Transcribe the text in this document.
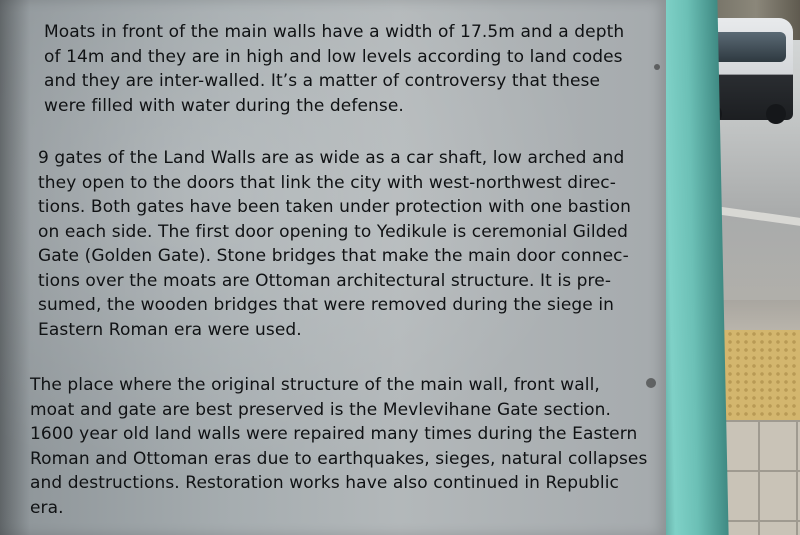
Moats in front of the main walls have a width of 17.5m and a depth
of 14m and they are in high and low levels according to land codes
and they are inter-walled. It’s a matter of controversy that these
were filled with water during the defense.

9 gates of the Land Walls are as wide as a car shaft, low arched and
they open to the doors that link the city with west-northwest direc-
tions. Both gates have been taken under protection with one bastion
on each side. The first door opening to Yedikule is ceremonial Gilded
Gate (Golden Gate). Stone bridges that make the main door connec-
tions over the moats are Ottoman architectural structure. It is pre-
sumed, the wooden bridges that were removed during the siege in
Eastern Roman era were used.

The place where the original structure of the main wall, front wall,
moat and gate are best preserved is the Mevlevihane Gate section.
1600 year old land walls were repaired many times during the Eastern
Roman and Ottoman eras due to earthquakes, sieges, natural collapses
and destructions. Restoration works have also continued in Republic
era.
